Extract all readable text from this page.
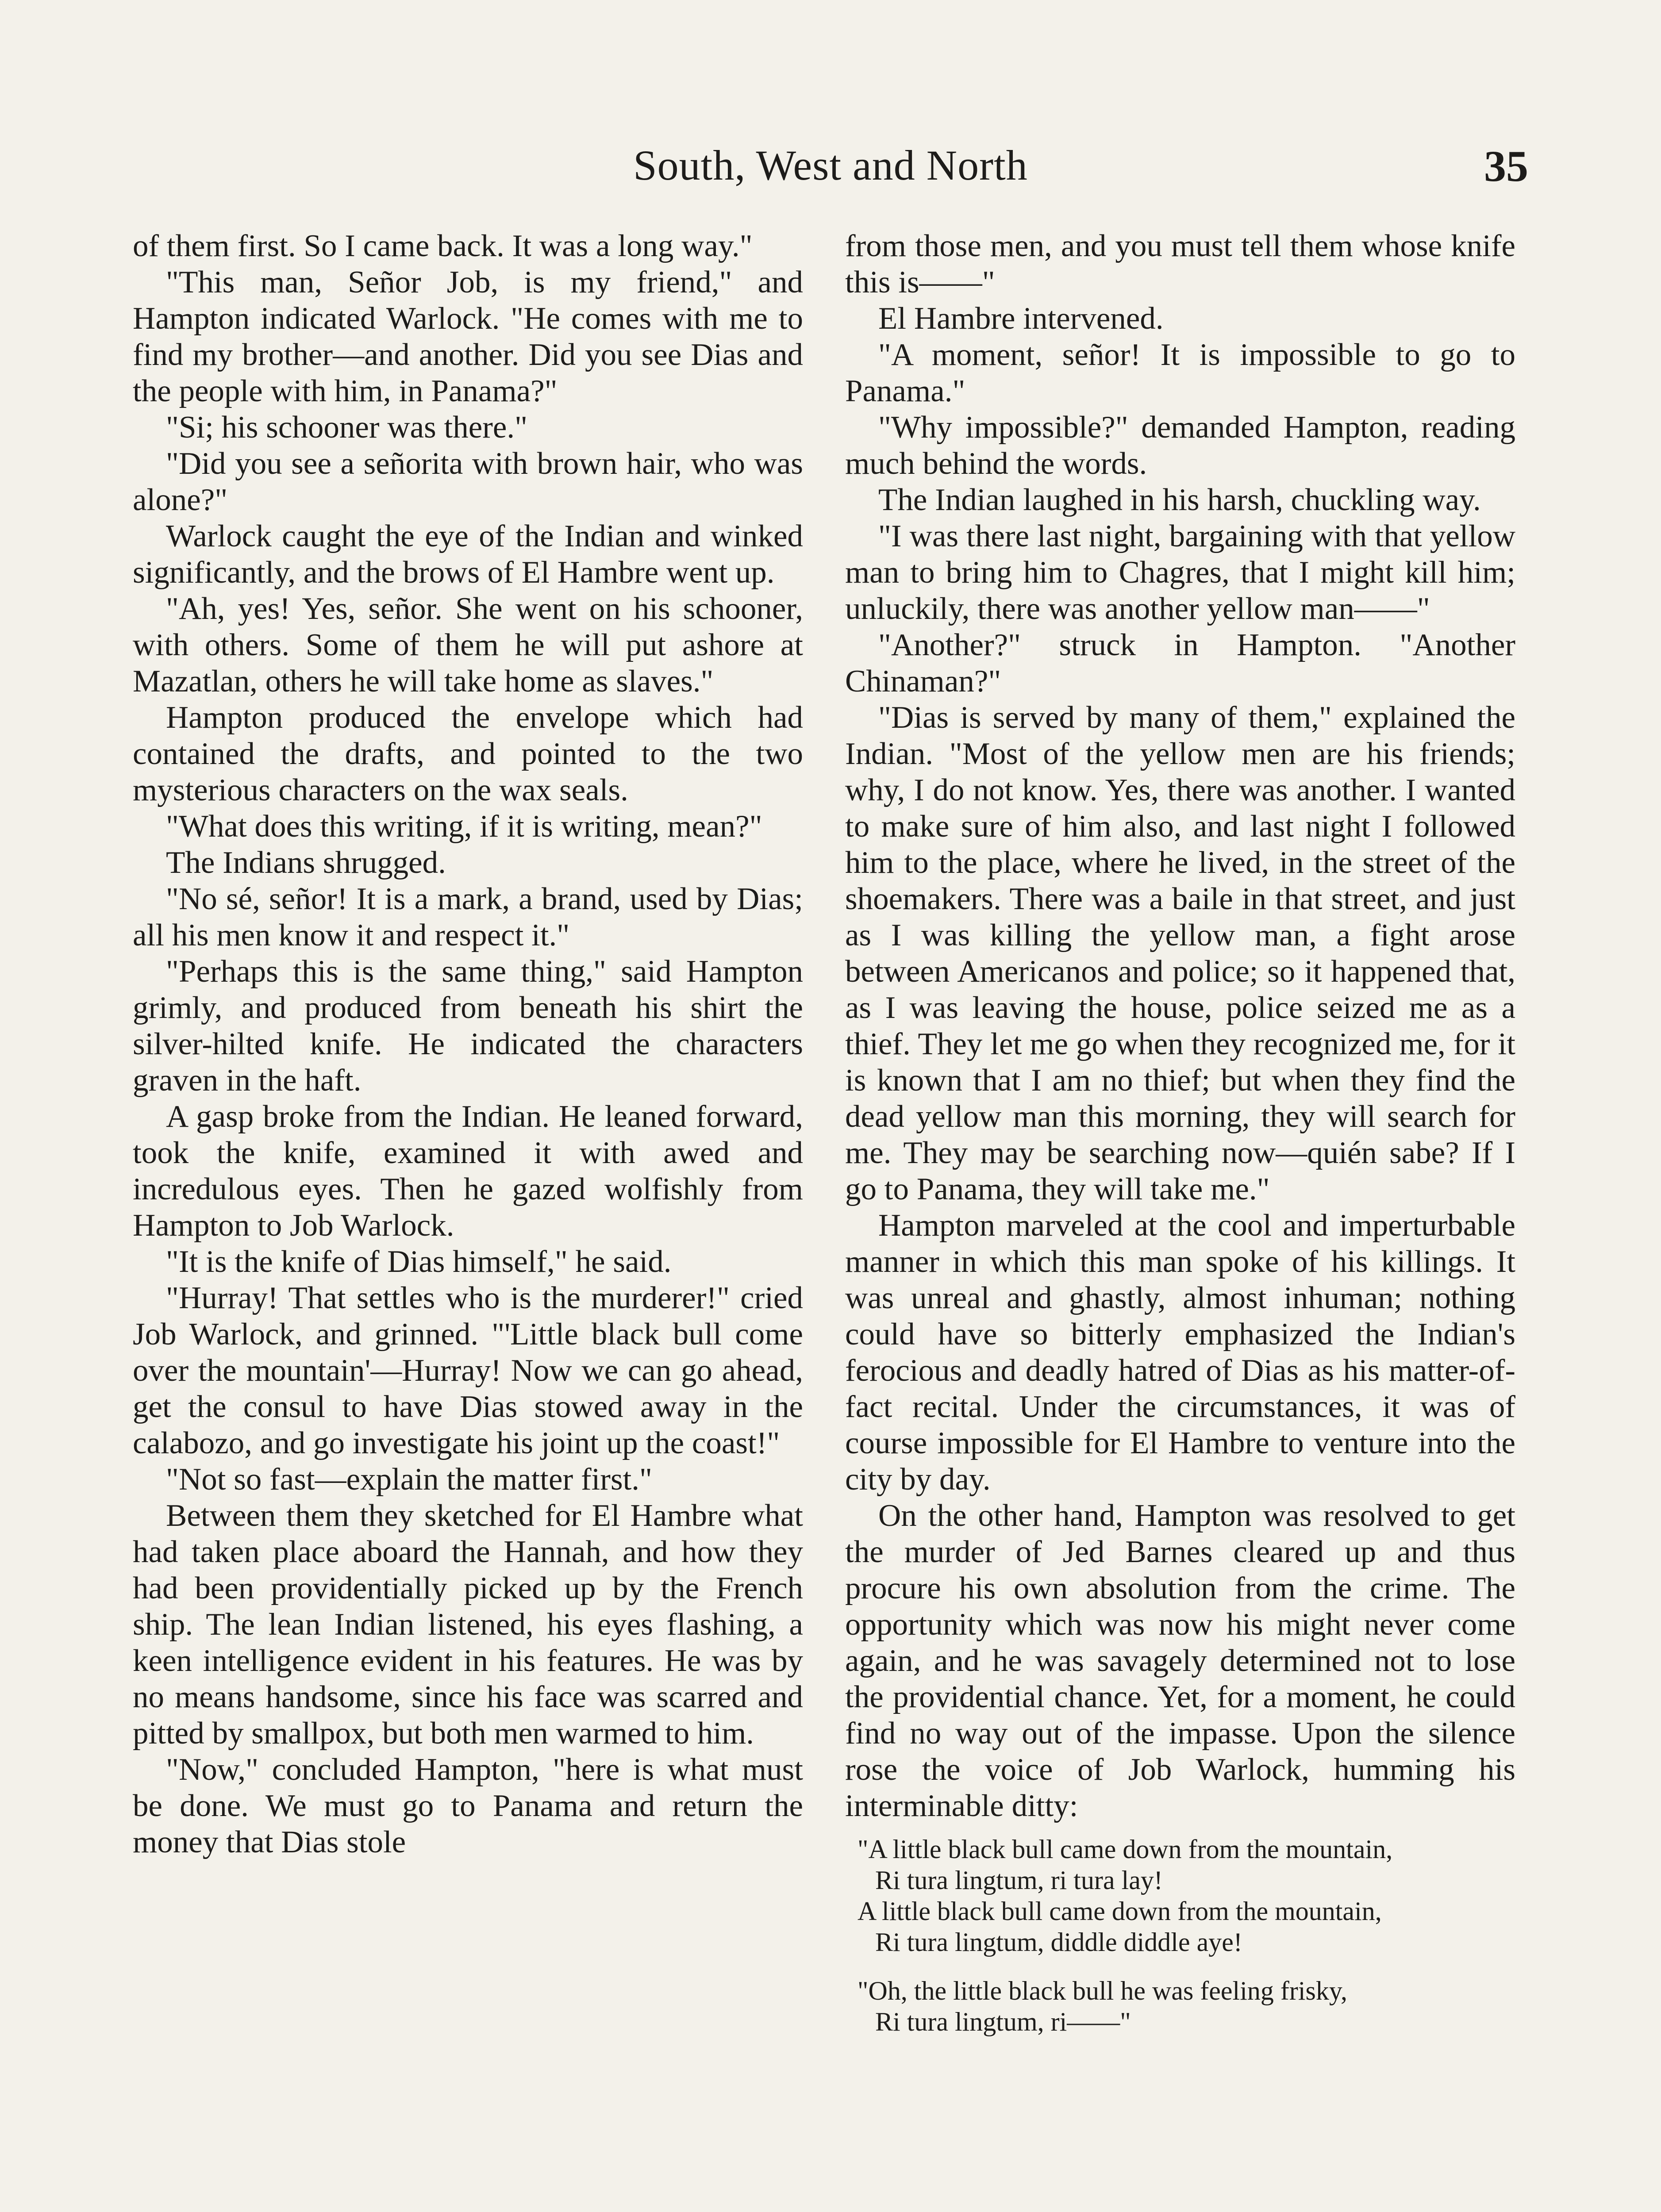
South, West and North	35

of them first. So I came back. It was a long way."

"This man, Señor Job, is my friend," and Hampton indicated Warlock. "He comes with me to find my brother—and another. Did you see Dias and the people with him, in Panama?"

"Si; his schooner was there."

"Did you see a señorita with brown hair, who was alone?"

Warlock caught the eye of the Indian and winked significantly, and the brows of El Hambre went up.

"Ah, yes! Yes, señor. She went on his schooner, with others. Some of them he will put ashore at Mazatlan, others he will take home as slaves."

Hampton produced the envelope which had contained the drafts, and pointed to the two mysterious characters on the wax seals.

"What does this writing, if it is writing, mean?"

The Indians shrugged.

"No sé, señor! It is a mark, a brand, used by Dias; all his men know it and respect it."

"Perhaps this is the same thing," said Hampton grimly, and produced from beneath his shirt the silver-hilted knife. He indicated the characters graven in the haft.

A gasp broke from the Indian. He leaned forward, took the knife, examined it with awed and incredulous eyes. Then he gazed wolfishly from Hampton to Job Warlock.

"It is the knife of Dias himself," he said.

"Hurray! That settles who is the murderer!" cried Job Warlock, and grinned. "'Little black bull come over the mountain'—Hurray! Now we can go ahead, get the consul to have Dias stowed away in the calabozo, and go investigate his joint up the coast!"

"Not so fast—explain the matter first."

Between them they sketched for El Hambre what had taken place aboard the Hannah, and how they had been providentially picked up by the French ship. The lean Indian listened, his eyes flashing, a keen intelligence evident in his features. He was by no means handsome, since his face was scarred and pitted by smallpox, but both men warmed to him.

"Now," concluded Hampton, "here is what must be done. We must go to Panama and return the money that Dias stole

from those men, and you must tell them whose knife this is——"

El Hambre intervened.

"A moment, señor! It is impossible to go to Panama."

"Why impossible?" demanded Hampton, reading much behind the words.

The Indian laughed in his harsh, chuckling way.

"I was there last night, bargaining with that yellow man to bring him to Chagres, that I might kill him; unluckily, there was another yellow man——"

"Another?" struck in Hampton. "Another Chinaman?"

"Dias is served by many of them," explained the Indian. "Most of the yellow men are his friends; why, I do not know. Yes, there was another. I wanted to make sure of him also, and last night I followed him to the place, where he lived, in the street of the shoemakers. There was a baile in that street, and just as I was killing the yellow man, a fight arose between Americanos and police; so it happened that, as I was leaving the house, police seized me as a thief. They let me go when they recognized me, for it is known that I am no thief; but when they find the dead yellow man this morning, they will search for me. They may be searching now—quién sabe? If I go to Panama, they will take me."

Hampton marveled at the cool and imperturbable manner in which this man spoke of his killings. It was unreal and ghastly, almost inhuman; nothing could have so bitterly emphasized the Indian's ferocious and deadly hatred of Dias as his matter-of-fact recital. Under the circumstances, it was of course impossible for El Hambre to venture into the city by day.

On the other hand, Hampton was resolved to get the murder of Jed Barnes cleared up and thus procure his own absolution from the crime. The opportunity which was now his might never come again, and he was savagely determined not to lose the providential chance. Yet, for a moment, he could find no way out of the impasse. Upon the silence rose the voice of Job Warlock, humming his interminable ditty:

"A little black bull came down from the mountain,
Ri tura lingtum, ri tura lay!
A little black bull came down from the mountain,
Ri tura lingtum, diddle diddle aye!
"Oh, the little black bull he was feeling frisky,
Ri tura lingtum, ri——"
